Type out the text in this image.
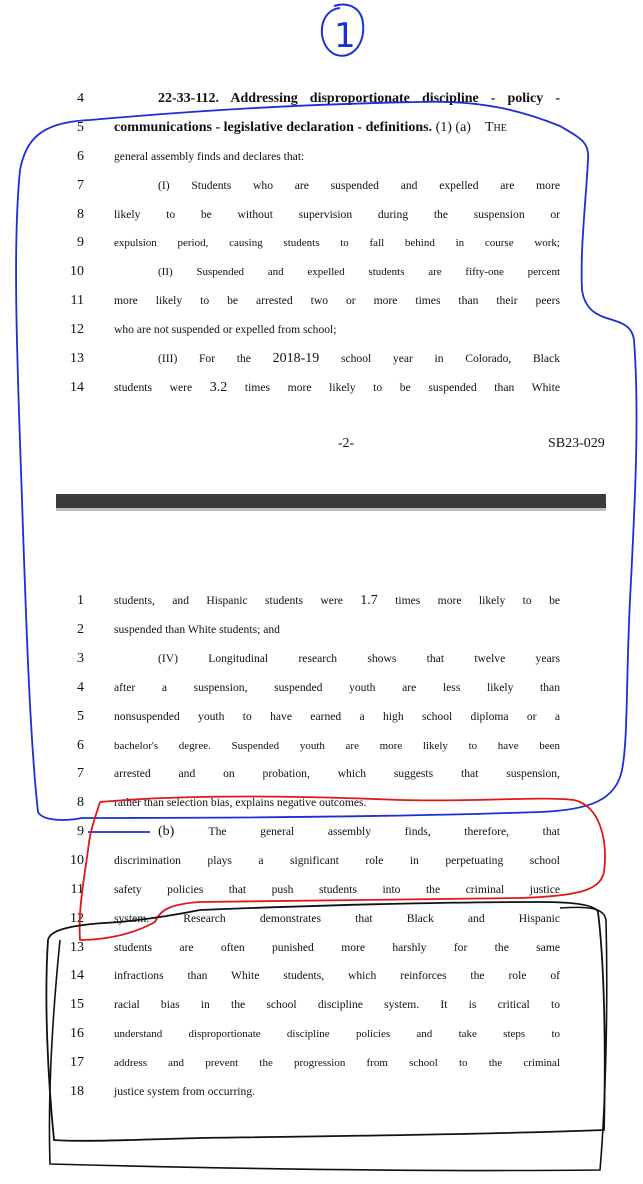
4	22-33-112. Addressing disproportionate discipline - policy -
5 communications - legislative declaration - definitions. (1) (a) The
6	general assembly finds and declares that:
7	(I) Students who are suspended and expelled are more
8	likely to be without supervision during the suspension or
9	expulsion period, causing students to fall behind in course work;
10	(II) Suspended and expelled students are fifty-one percent
11	more likely to be arrested two or more times than their peers
12	who are not suspended or expelled from school;
13	(III) For the 2018-19 school year in Colorado, Black
14	students were 3.2 times more likely to be suspended than White
-2-	SB23-029
1	students, and Hispanic students were 1.7 times more likely to be
2	suspended than White students; and
3	(IV) Longitudinal research shows that twelve years
4	after a suspension, suspended youth are less likely than
5	nonsuspended youth to have earned a high school diploma or a
6	bachelor's degree. Suspended youth are more likely to have been
7	arrested and on probation, which suggests that suspension,
8	rather than selection bias, explains negative outcomes.
9	(b) The general assembly finds, therefore, that
10	discrimination plays a significant role in perpetuating school
11	safety policies that push students into the criminal justice
12	system. Research demonstrates that Black and Hispanic
13	students are often punished more harshly for the same
14	infractions than White students, which reinforces the role of
15	racial bias in the school discipline system. It is critical to
16	understand disproportionate discipline policies and take steps to
17	address and prevent the progression from school to the criminal
18	justice system from occurring.
1
